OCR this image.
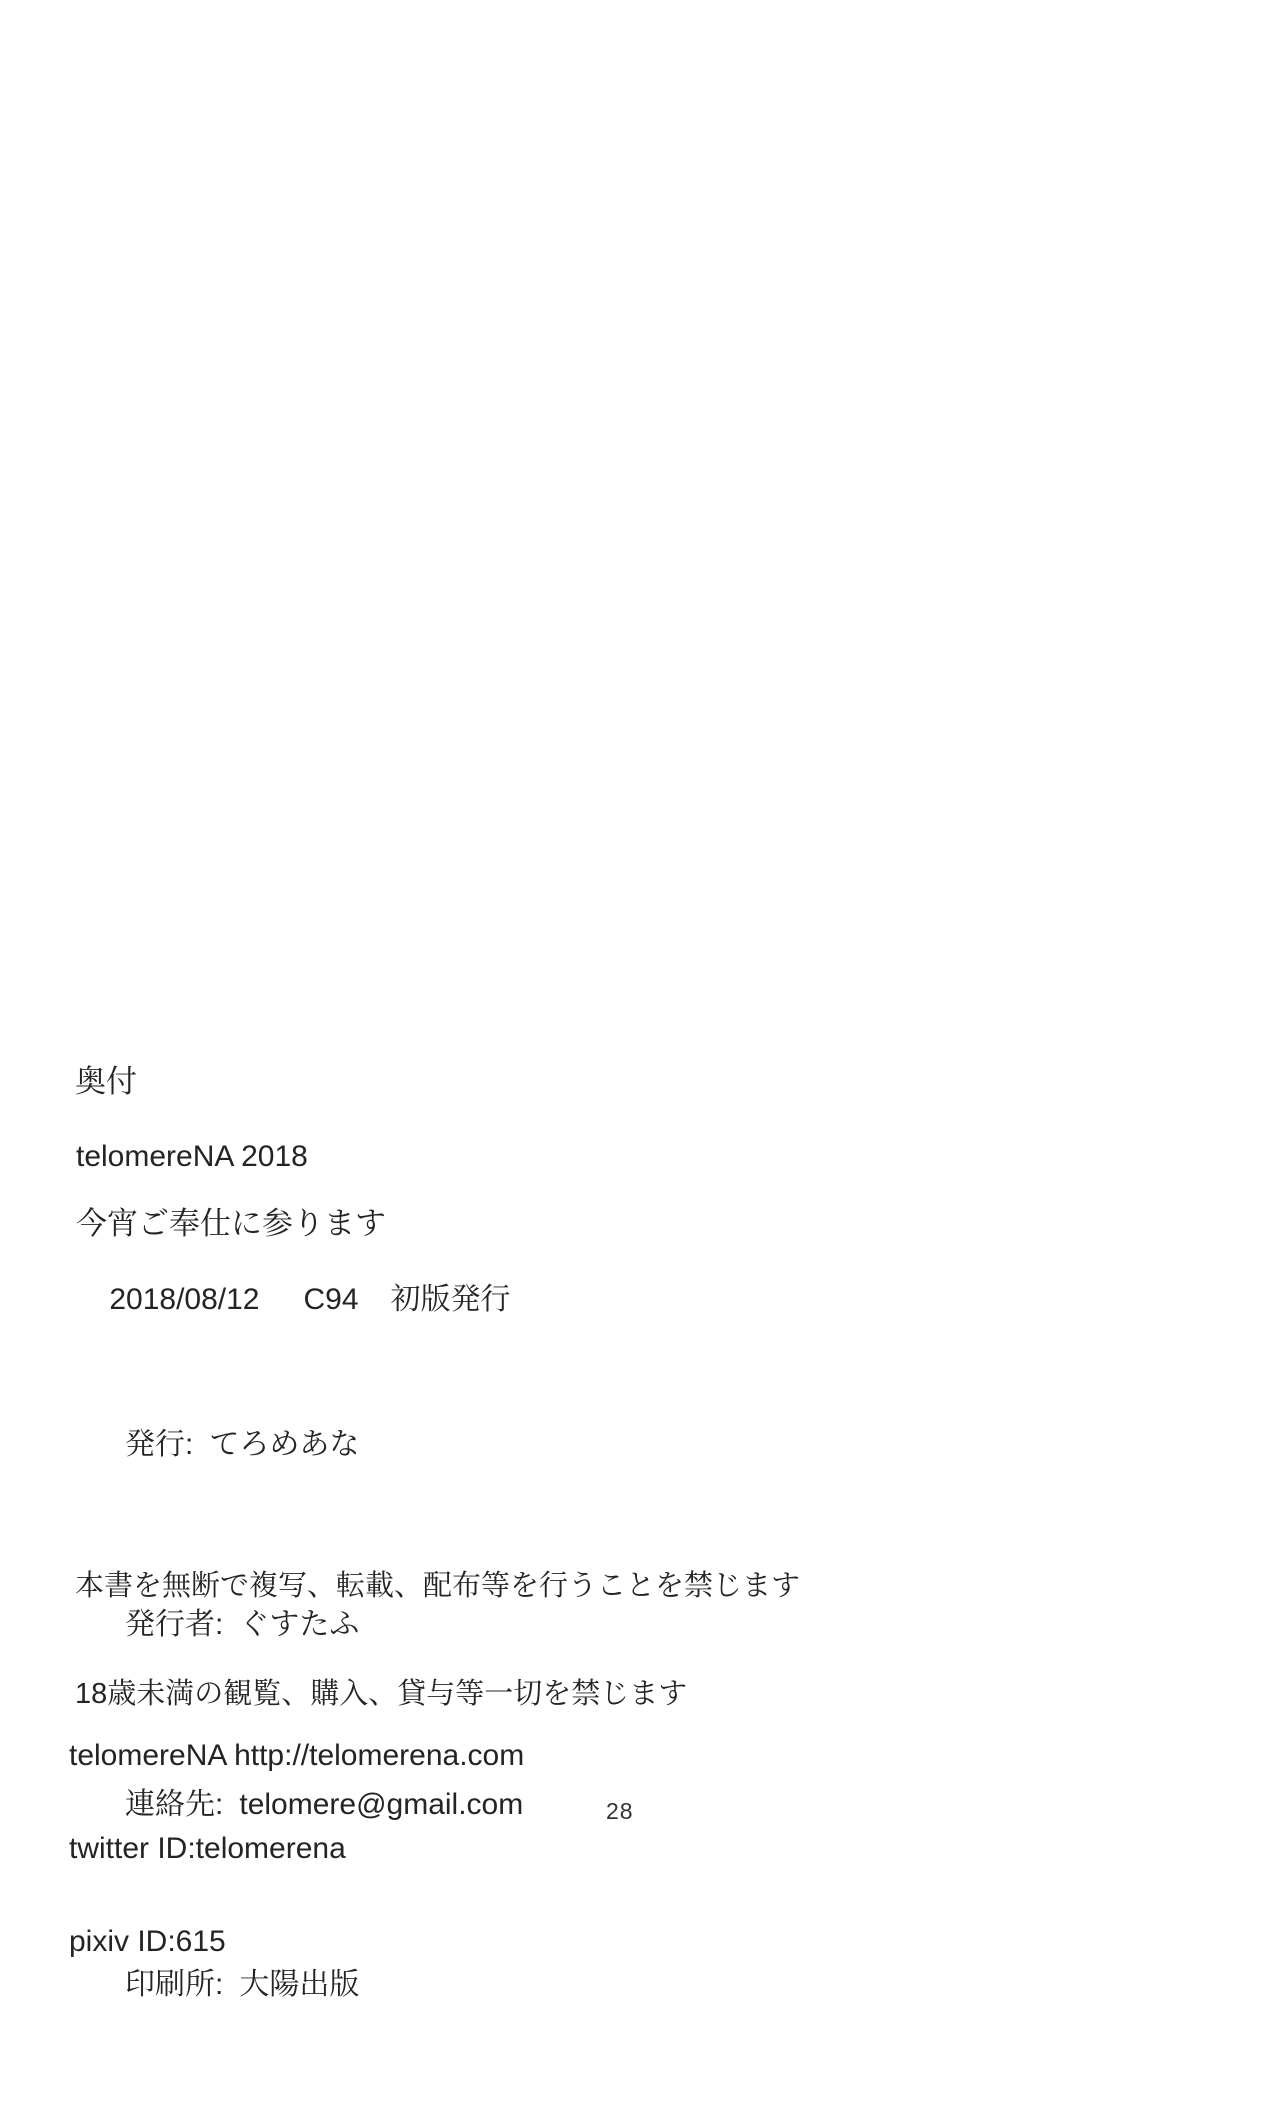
奥付
telomereNA 2018
今宵ご奉仕に参ります

2018/08/12 C94 初版発行

発行: てろめあな

発行者: ぐすたふ

連絡先: telomere@gmail.com

印刷所: 大陽出版

本書を無断で複写、転載、配布等を行うことを禁じます

18歳未満の観覧、購入、貸与等一切を禁じます

telomereNA http://telomerena.com

twitter ID:telomerena

pixiv ID:615

28
